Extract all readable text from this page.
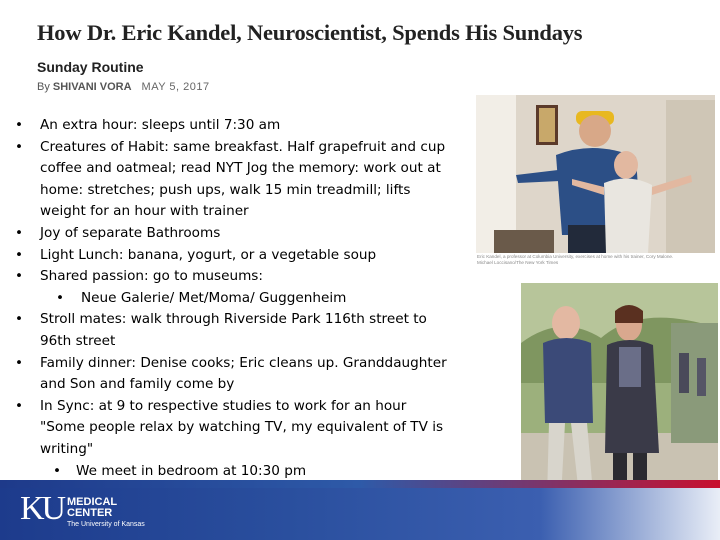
How Dr. Eric Kandel, Neuroscientist, Spends His Sundays
Sunday Routine
By SHIVANI VORA MAY 5, 2017
• An extra hour: sleeps until 7:30 am
• Creatures of Habit: same breakfast. Half grapefruit and cup
coffee and oatmeal; read NYT Jog the memory: work out at
home: stretches; push ups, walk 15 min treadmill; lifts
weight for an hour with trainer
• Joy of separate Bathrooms
• Light Lunch: banana, yogurt, or a vegetable soup
• Shared passion: go to museums:
• Neue Galerie/ Met/Moma/ Guggenheim
• Stroll mates: walk through Riverside Park 116th street to
96th street
• Family dinner: Denise cooks; Eric cleans up. Granddaughter
and Son and family come by
• In Sync: at 9 to respective studies to work for an hour
"Some people relax by watching TV, my equivalent of TV is
writing"
• We meet in bedroom at 10:30 pm
Eric Kandel, a professor at Columbia University, exercises at home with his trainer, Cory Malone.
Michael Loccisano/The New York Times
KU MEDICAL
CENTER
The University of Kansas
